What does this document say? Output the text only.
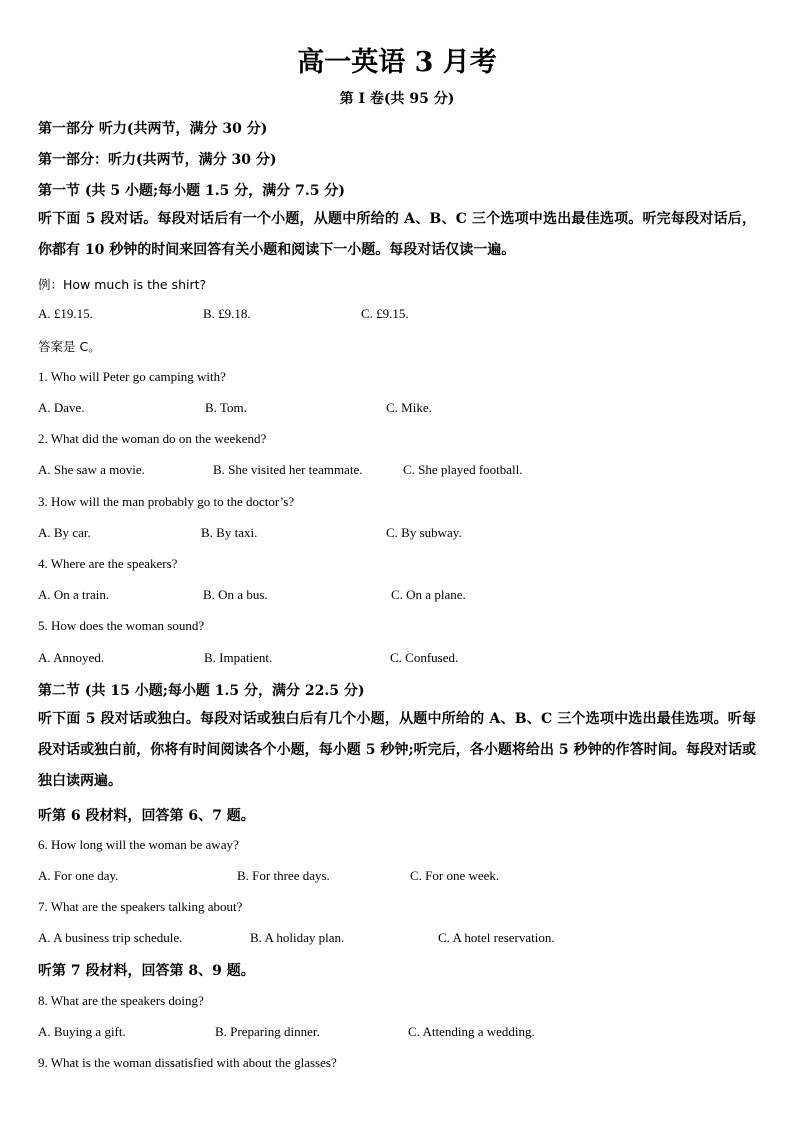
高一英语 3 月考
第 I 卷(共 95 分)
第一部分 听力(共两节，满分 30 分)
第一部分：听力(共两节，满分 30 分)
第一节 (共 5 小题;每小题 1.5 分，满分 7.5 分)
听下面 5 段对话。每段对话后有一个小题，从题中所给的 A、B、C 三个选项中选出最佳选项。听完每段对话后，你都有 10 秒钟的时间来回答有关小题和阅读下一小题。每段对话仅读一遍。
例：How much is the shirt?
A. £19.15.	B. £9.18.	C. £9.15.
答案是 C。
1. Who will Peter go camping with?
A. Dave.	B. Tom.	C. Mike.
2. What did the woman do on the weekend?
A. She saw a movie.	B. She visited her teammate.	C. She played football.
3. How will the man probably go to the doctor’s?
A. By car.	B. By taxi.	C. By subway.
4. Where are the speakers?
A. On a train.	B. On a bus.	C. On a plane.
5. How does the woman sound?
A. Annoyed.	B. Impatient.	C. Confused.
第二节 (共 15 小题;每小题 1.5 分，满分 22.5 分)
听下面 5 段对话或独白。每段对话或独白后有几个小题，从题中所给的 A、B、C 三个选项中选出最佳选项。听每段对话或独白前，你将有时间阅读各个小题，每小题 5 秒钟;听完后，各小题将给出 5 秒钟的作答时间。每段对话或独白读两遍。
听第 6 段材料，回答第 6、7 题。
6. How long will the woman be away?
A. For one day.	B. For three days.	C. For one week.
7. What are the speakers talking about?
A. A business trip schedule.	B. A holiday plan.	C. A hotel reservation.
听第 7 段材料，回答第 8、9 题。
8. What are the speakers doing?
A. Buying a gift.	B. Preparing dinner.	C. Attending a wedding.
9. What is the woman dissatisfied with about the glasses?
